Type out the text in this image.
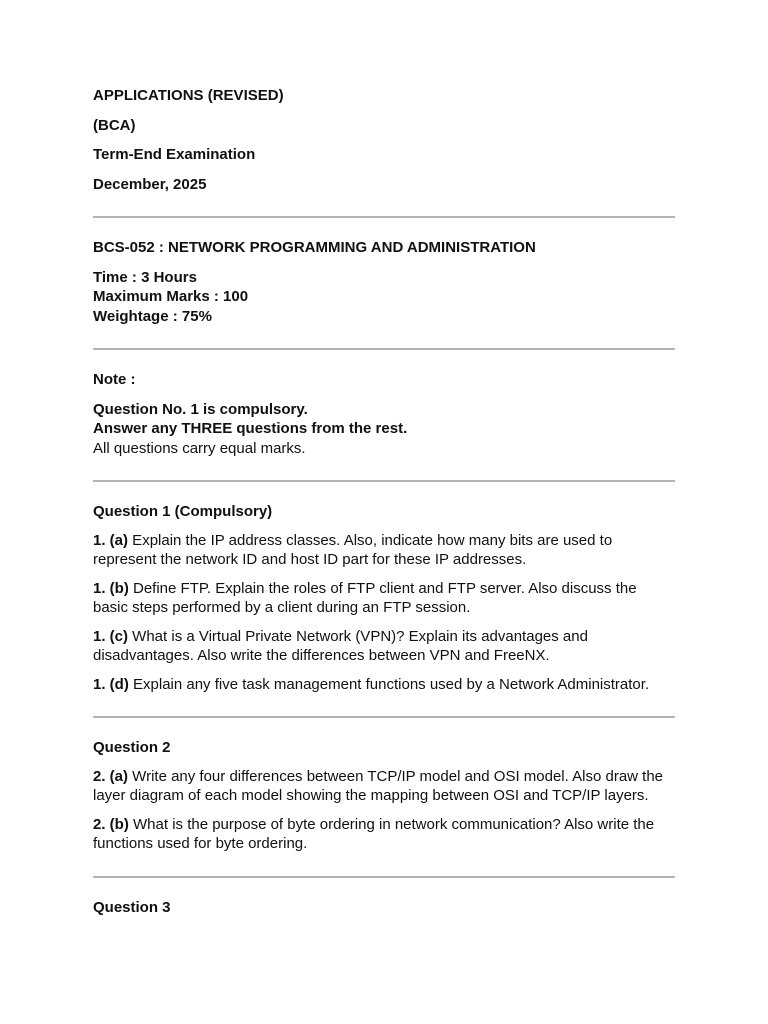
APPLICATIONS (REVISED)

(BCA)

Term-End Examination

December, 2025

BCS-052 : NETWORK PROGRAMMING AND ADMINISTRATION

Time : 3 Hours

Maximum Marks : 100

Weightage : 75%

Note :

Question No. 1 is compulsory.

Answer any THREE questions from the rest.

All questions carry equal marks.

Question 1 (Compulsory)

1. (a) Explain the IP address classes. Also, indicate how many bits are used to represent the network ID and host ID part for these IP addresses.

1. (b) Define FTP. Explain the roles of FTP client and FTP server. Also discuss the basic steps performed by a client during an FTP session.

1. (c) What is a Virtual Private Network (VPN)? Explain its advantages and disadvantages. Also write the differences between VPN and FreeNX.

1. (d) Explain any five task management functions used by a Network Administrator.

Question 2

2. (a) Write any four differences between TCP/IP model and OSI model. Also draw the layer diagram of each model showing the mapping between OSI and TCP/IP layers.

2. (b) What is the purpose of byte ordering in network communication? Also write the functions used for byte ordering.

Question 3
